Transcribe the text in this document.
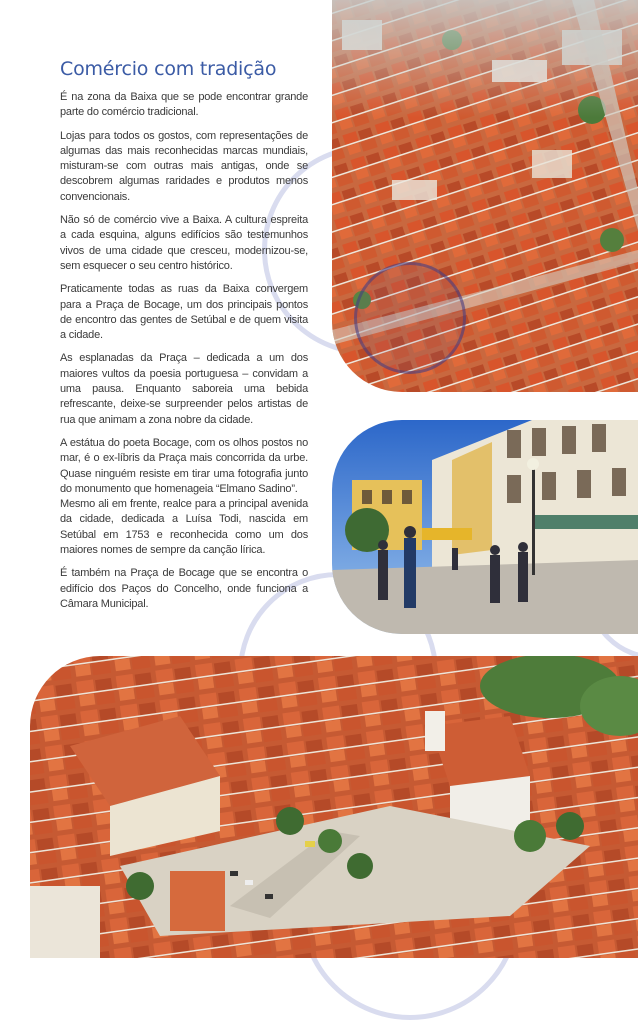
Comércio com tradição

É na zona da Baixa que se pode encontrar grande parte do comércio tradicional.

Lojas para todos os gostos, com representações de algumas das mais reconhecidas marcas mundiais, misturam-se com outras mais antigas, onde se descobrem algumas raridades e produtos menos convencionais.

Não só de comércio vive a Baixa. A cultura espreita a cada esquina, alguns edifícios são testemunhos vivos de uma cidade que cresceu, modernizou-se, sem esquecer o seu centro histórico.

Praticamente todas as ruas da Baixa convergem para a Praça de Bocage, um dos principais pontos de encontro das gentes de Setúbal e de quem visita a cidade.

As esplanadas da Praça – dedicada a um dos maiores vultos da poesia portuguesa – convidam a uma pausa. Enquanto saboreia uma bebida refrescante, deixe-se surpreender pelos artistas de rua que animam a zona nobre da cidade.

A estátua do poeta Bocage, com os olhos postos no mar, é o ex-líbris da Praça mais concorrida da urbe. Quase ninguém resiste em tirar uma fotografia junto do monumento que homenageia “Elmano Sadino”.

Mesmo ali em frente, realce para a principal avenida da cidade, dedicada a Luísa Todi, nascida em Setúbal em 1753 e reconhecida como um dos maiores nomes de sempre da canção lírica.

É também na Praça de Bocage que se encontra o edifício dos Paços do Concelho, onde funciona a Câmara Municipal.
